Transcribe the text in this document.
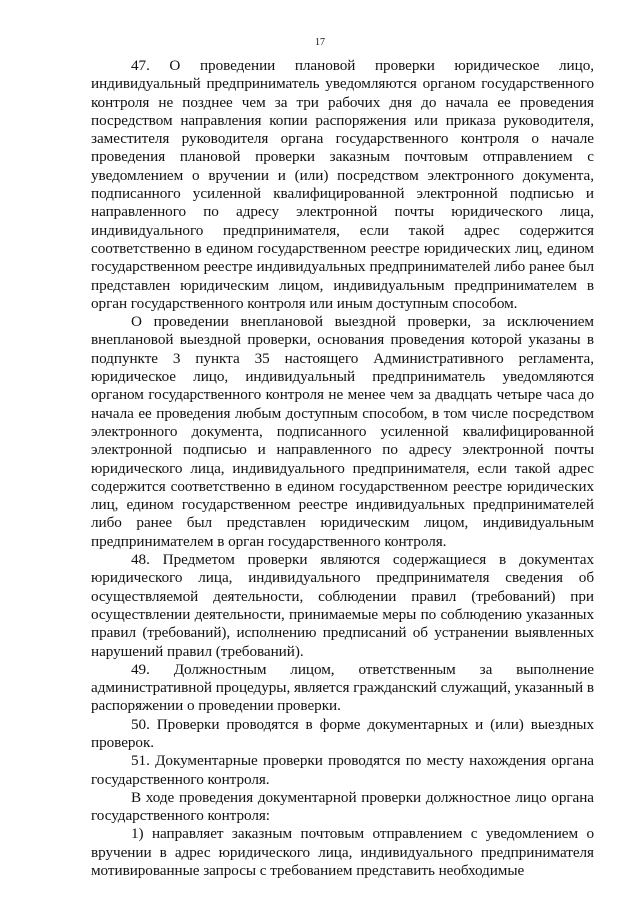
17

47. О проведении плановой проверки юридическое лицо, индивидуальный предприниматель уведомляются органом государственного контроля не позднее чем за три рабочих дня до начала ее проведения посредством направления копии распоряжения или приказа руководителя, заместителя руководителя органа государственного контроля о начале проведения плановой проверки заказным почтовым отправлением с уведомлением о вручении и (или) посредством электронного документа, подписанного усиленной квалифицированной электронной подписью и направленного по адресу электронной почты юридического лица, индивидуального предпринимателя, если такой адрес содержится соответственно в едином государственном реестре юридических лиц, едином государственном реестре индивидуальных предпринимателей либо ранее был представлен юридическим лицом, индивидуальным предпринимателем в орган государственного контроля или иным доступным способом.

О проведении внеплановой выездной проверки, за исключением внеплановой выездной проверки, основания проведения которой указаны в подпункте 3 пункта 35 настоящего Административного регламента, юридическое лицо, индивидуальный предприниматель уведомляются органом государственного контроля не менее чем за двадцать четыре часа до начала ее проведения любым доступным способом, в том числе посредством электронного документа, подписанного усиленной квалифицированной электронной подписью и направленного по адресу электронной почты юридического лица, индивидуального предпринимателя, если такой адрес содержится соответственно в едином государственном реестре юридических лиц, едином государственном реестре индивидуальных предпринимателей либо ранее был представлен юридическим лицом, индивидуальным предпринимателем в орган государственного контроля.

48. Предметом проверки являются содержащиеся в документах юридического лица, индивидуального предпринимателя сведения об осуществляемой деятельности, соблюдении правил (требований) при осуществлении деятельности, принимаемые меры по соблюдению указанных правил (требований), исполнению предписаний об устранении выявленных нарушений правил (требований).

49. Должностным лицом, ответственным за выполнение административной процедуры, является гражданский служащий, указанный в распоряжении о проведении проверки.

50. Проверки проводятся в форме документарных и (или) выездных проверок.

51. Документарные проверки проводятся по месту нахождения органа государственного контроля.

В ходе проведения документарной проверки должностное лицо органа государственного контроля:

1) направляет заказным почтовым отправлением с уведомлением о вручении в адрес юридического лица, индивидуального предпринимателя мотивированные запросы с требованием представить необходимые
